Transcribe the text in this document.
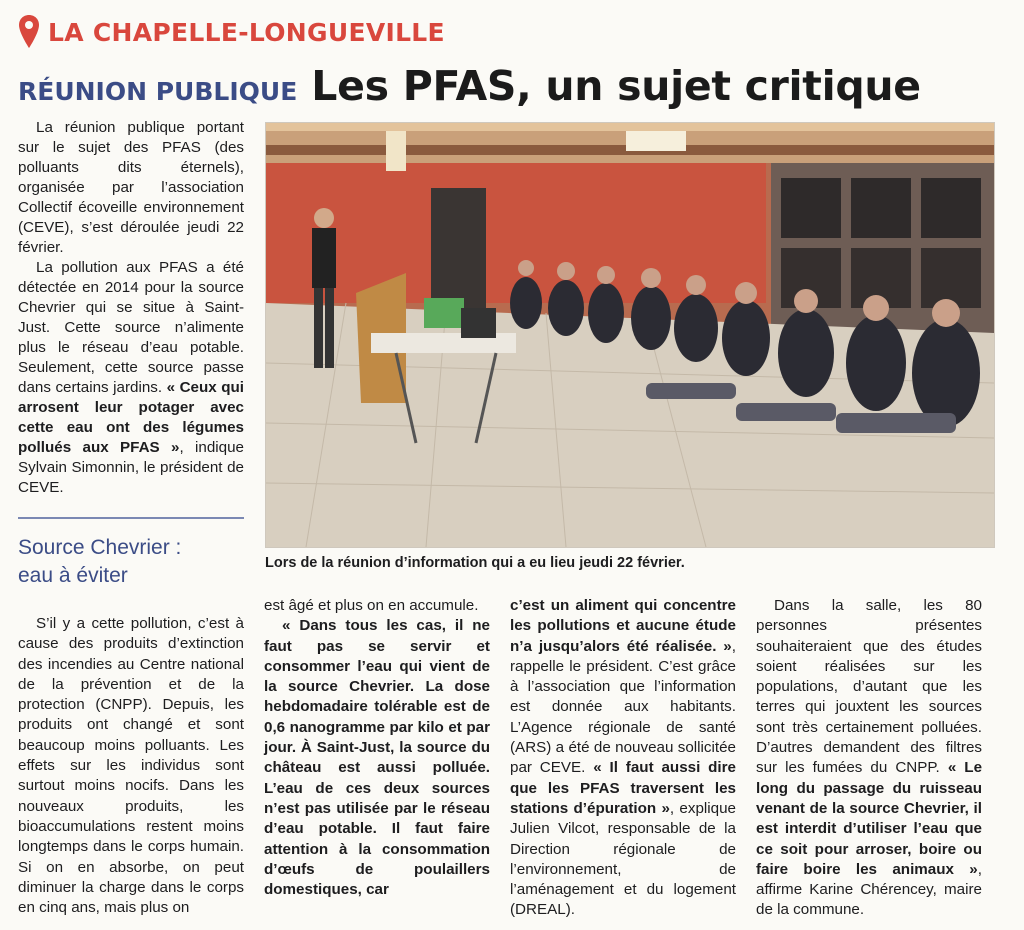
LA CHAPELLE-LONGUEVILLE
RÉUNION PUBLIQUE Les PFAS, un sujet critique

La réunion publique portant sur le sujet des PFAS (des polluants dits éternels), organisée par l’association Collectif écoveille environnement (CEVE), s’est déroulée jeudi 22 février.

La pollution aux PFAS a été détectée en 2014 pour la source Chevrier qui se situe à Saint-Just. Cette source n’alimente plus le réseau d’eau potable. Seulement, cette source passe dans certains jardins. « Ceux qui arrosent leur potager avec cette eau ont des légumes pollués aux PFAS », indique Sylvain Simonnin, le président de CEVE.

Source Chevrier :
eau à éviter
Lors de la réunion d’information qui a eu lieu jeudi 22 février.

S’il y a cette pollution, c’est à cause des produits d’extinction des incendies au Centre national de la prévention et de la protection (CNPP). Depuis, les produits ont changé et sont beaucoup moins polluants. Les effets sur les individus sont surtout moins nocifs. Dans les nouveaux produits, les bioaccumulations restent moins longtemps dans le corps humain. Si on en absorbe, on peut diminuer la charge dans le corps en cinq ans, mais plus on

est âgé et plus on en accumule.

« Dans tous les cas, il ne faut pas se servir et consommer l’eau qui vient de la source Chevrier. La dose hebdomadaire tolérable est de 0,6 nanogramme par kilo et par jour. À Saint-Just, la source du château est aussi polluée. L’eau de ces deux sources n’est pas utilisée par le réseau d’eau potable. Il faut faire attention à la consommation d’œufs de poulaillers domestiques, car

c’est un aliment qui concentre les pollutions et aucune étude n’a jusqu’alors été réalisée. », rappelle le président. C’est grâce à l’association que l’information est donnée aux habitants. L’Agence régionale de santé (ARS) a été de nouveau sollicitée par CEVE. « Il faut aussi dire que les PFAS traversent les stations d’épuration », explique Julien Vilcot, responsable de la Direction régionale de l’environnement, de l’aménagement et du logement (DREAL).

Dans la salle, les 80 personnes présentes souhaiteraient que des études soient réalisées sur les populations, d’autant que les terres qui jouxtent les sources sont très certainement polluées. D’autres demandent des filtres sur les fumées du CNPP. « Le long du passage du ruisseau venant de la source Chevrier, il est interdit d’utiliser l’eau que ce soit pour arroser, boire ou faire boire les animaux », affirme Karine Chérencey, maire de la commune.
